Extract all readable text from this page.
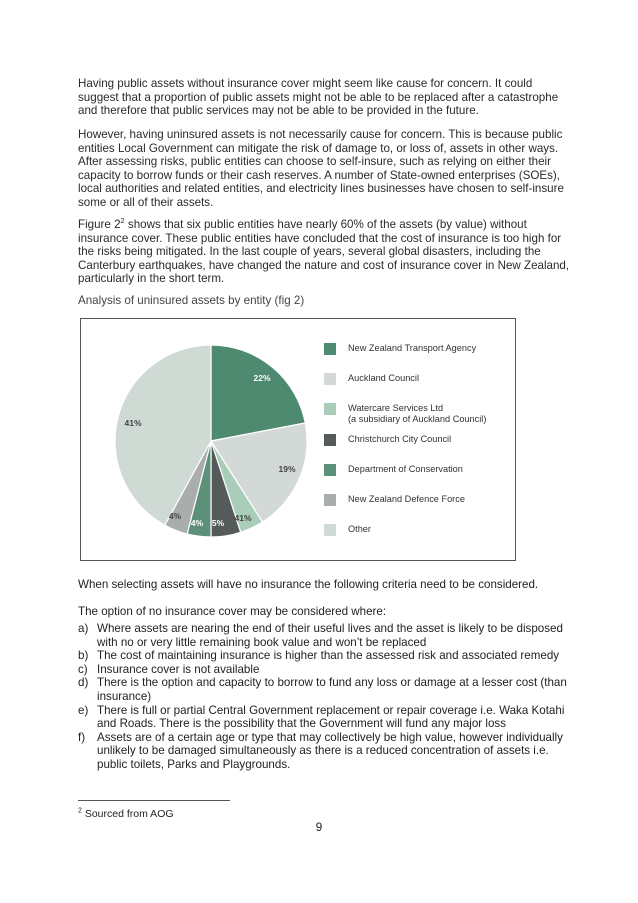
Having public assets without insurance cover might seem like cause for concern. It could suggest that a proportion of public assets might not be able to be replaced after a catastrophe and therefore that public services may not be able to be provided in the future.

However, having uninsured assets is not necessarily cause for concern. This is because public entities Local Government can mitigate the risk of damage to, or loss of, assets in other ways. After assessing risks, public entities can choose to self-insure, such as relying on either their capacity to borrow funds or their cash reserves. A number of State-owned enterprises (SOEs), local authorities and related entities, and electricity lines businesses have chosen to self-insure some or all of their assets.

Figure $2^2$ shows that six public entities have nearly 60% of the assets (by value) without insurance cover. These public entities have concluded that the cost of insurance is too high for the risks being mitigated. In the last couple of years, several global disasters, including the Canterbury earthquakes, have changed the nature and cost of insurance cover in New Zealand, particularly in the short term.

Analysis of uninsured assets by entity (fig 2)
22%
19%
41%
5%
4%
4%
41%
New Zealand Transport Agency
Auckland Council
Watercare Services Ltd
(a subsidiary of Auckland Council)
Christchurch City Council
Department of Conservation
New Zealand Defence Force
Other
When selecting assets will have no insurance the following criteria need to be considered.
The option of no insurance cover may be considered where:
a) Where assets are nearing the end of their useful lives and the asset is likely to be disposed with no or very little remaining book value and won’t be replaced
b) The cost of maintaining insurance is higher than the assessed risk and associated remedy
c) Insurance cover is not available
d) There is the option and capacity to borrow to fund any loss or damage at a lesser cost (than insurance)
e) There is full or partial Central Government replacement or repair coverage i.e. Waka Kotahi and Roads. There is the possibility that the Government will fund any major loss
f) Assets are of a certain age or type that may collectively be high value, however individually unlikely to be damaged simultaneously as there is a reduced concentration of assets i.e. public toilets, Parks and Playgrounds.
$^2$ Sourced from AOG
9
